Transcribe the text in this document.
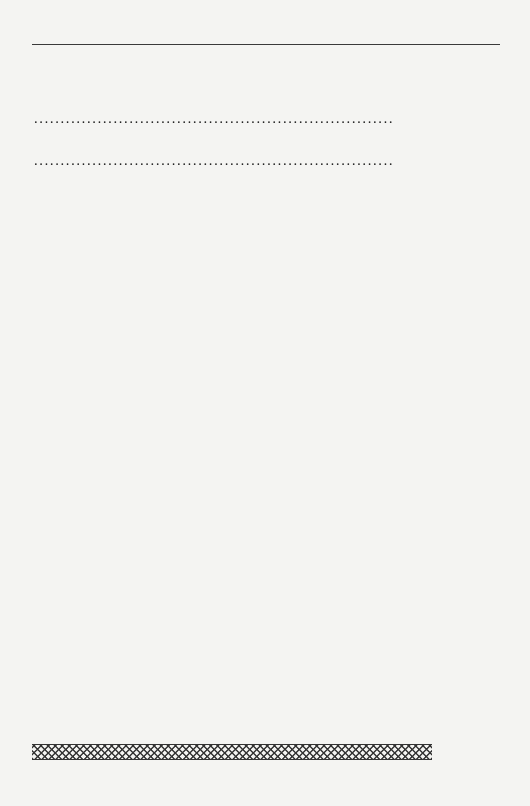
. . .
. . .
